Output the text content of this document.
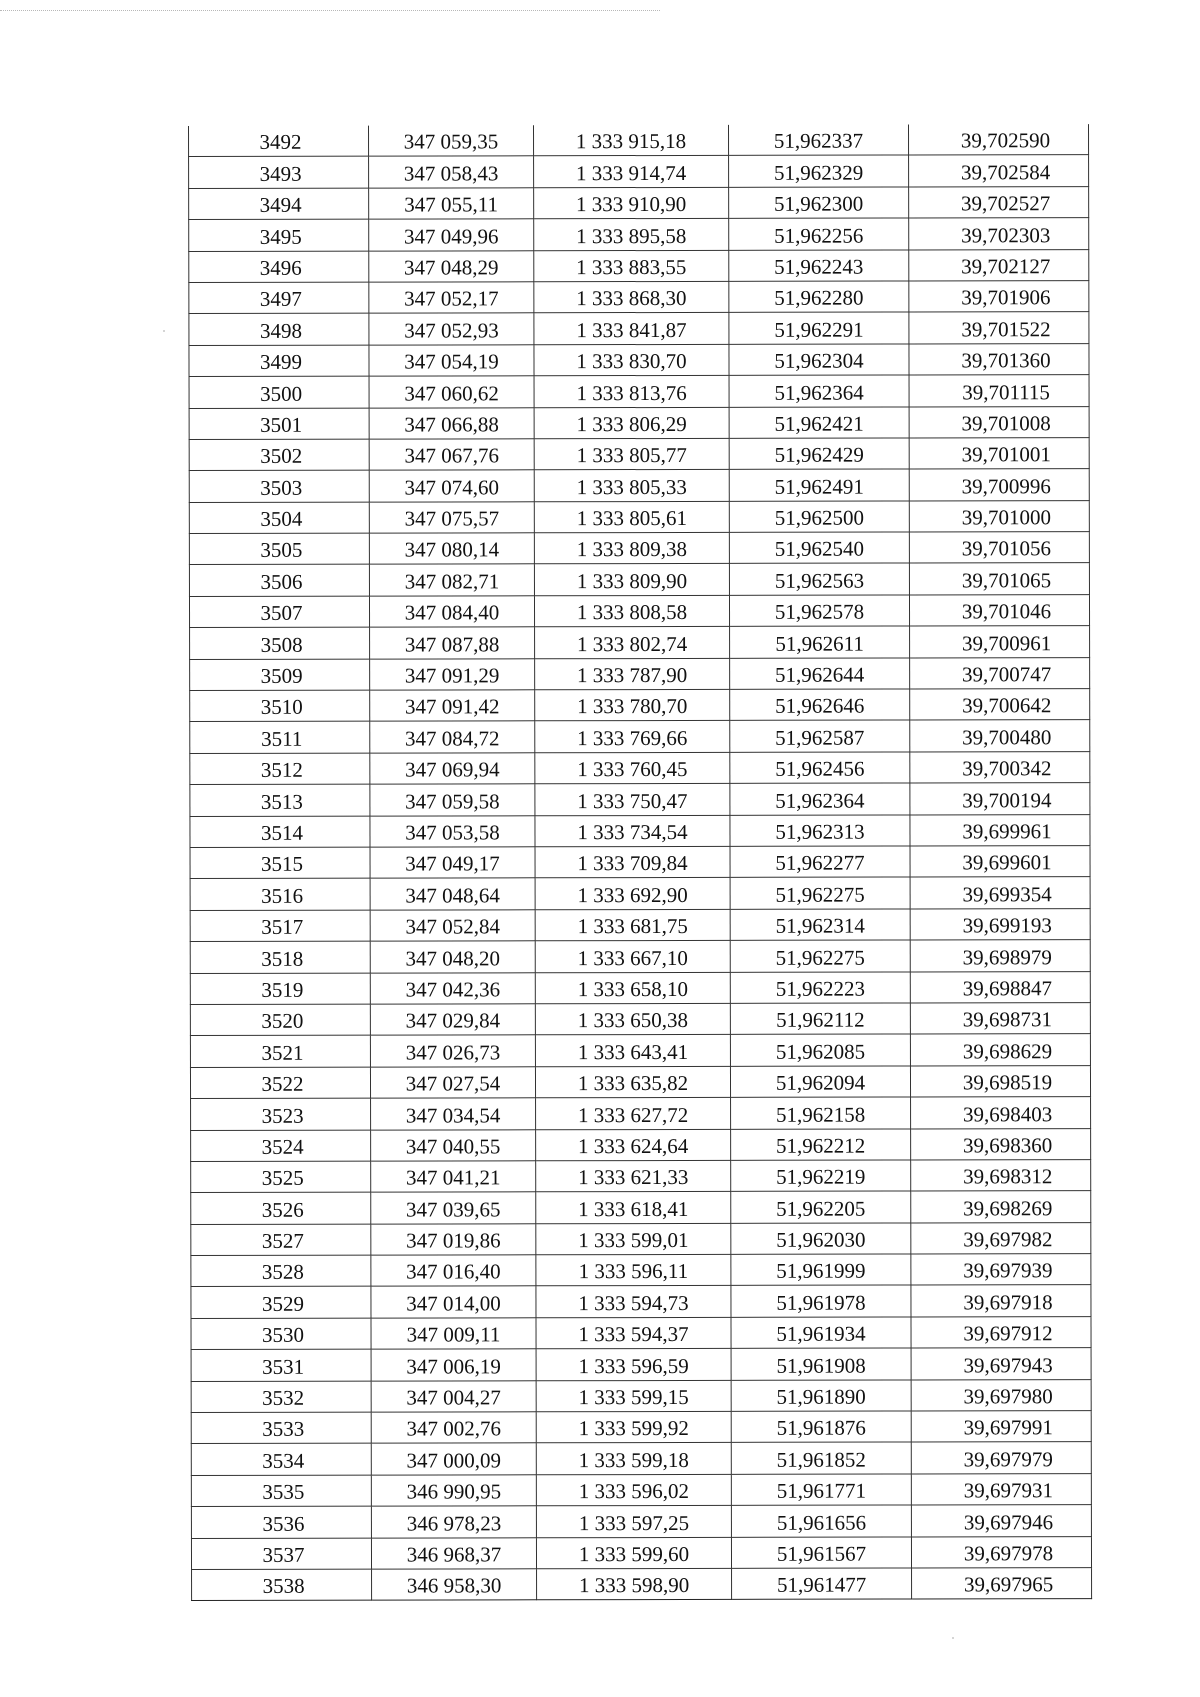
3492	347 059,35	1 333 915,18	51,962337	39,702590
3493	347 058,43	1 333 914,74	51,962329	39,702584
3494	347 055,11	1 333 910,90	51,962300	39,702527
3495	347 049,96	1 333 895,58	51,962256	39,702303
3496	347 048,29	1 333 883,55	51,962243	39,702127
3497	347 052,17	1 333 868,30	51,962280	39,701906
3498	347 052,93	1 333 841,87	51,962291	39,701522
3499	347 054,19	1 333 830,70	51,962304	39,701360
3500	347 060,62	1 333 813,76	51,962364	39,701115
3501	347 066,88	1 333 806,29	51,962421	39,701008
3502	347 067,76	1 333 805,77	51,962429	39,701001
3503	347 074,60	1 333 805,33	51,962491	39,700996
3504	347 075,57	1 333 805,61	51,962500	39,701000
3505	347 080,14	1 333 809,38	51,962540	39,701056
3506	347 082,71	1 333 809,90	51,962563	39,701065
3507	347 084,40	1 333 808,58	51,962578	39,701046
3508	347 087,88	1 333 802,74	51,962611	39,700961
3509	347 091,29	1 333 787,90	51,962644	39,700747
3510	347 091,42	1 333 780,70	51,962646	39,700642
3511	347 084,72	1 333 769,66	51,962587	39,700480
3512	347 069,94	1 333 760,45	51,962456	39,700342
3513	347 059,58	1 333 750,47	51,962364	39,700194
3514	347 053,58	1 333 734,54	51,962313	39,699961
3515	347 049,17	1 333 709,84	51,962277	39,699601
3516	347 048,64	1 333 692,90	51,962275	39,699354
3517	347 052,84	1 333 681,75	51,962314	39,699193
3518	347 048,20	1 333 667,10	51,962275	39,698979
3519	347 042,36	1 333 658,10	51,962223	39,698847
3520	347 029,84	1 333 650,38	51,962112	39,698731
3521	347 026,73	1 333 643,41	51,962085	39,698629
3522	347 027,54	1 333 635,82	51,962094	39,698519
3523	347 034,54	1 333 627,72	51,962158	39,698403
3524	347 040,55	1 333 624,64	51,962212	39,698360
3525	347 041,21	1 333 621,33	51,962219	39,698312
3526	347 039,65	1 333 618,41	51,962205	39,698269
3527	347 019,86	1 333 599,01	51,962030	39,697982
3528	347 016,40	1 333 596,11	51,961999	39,697939
3529	347 014,00	1 333 594,73	51,961978	39,697918
3530	347 009,11	1 333 594,37	51,961934	39,697912
3531	347 006,19	1 333 596,59	51,961908	39,697943
3532	347 004,27	1 333 599,15	51,961890	39,697980
3533	347 002,76	1 333 599,92	51,961876	39,697991
3534	347 000,09	1 333 599,18	51,961852	39,697979
3535	346 990,95	1 333 596,02	51,961771	39,697931
3536	346 978,23	1 333 597,25	51,961656	39,697946
3537	346 968,37	1 333 599,60	51,961567	39,697978
3538	346 958,30	1 333 598,90	51,961477	39,697965
